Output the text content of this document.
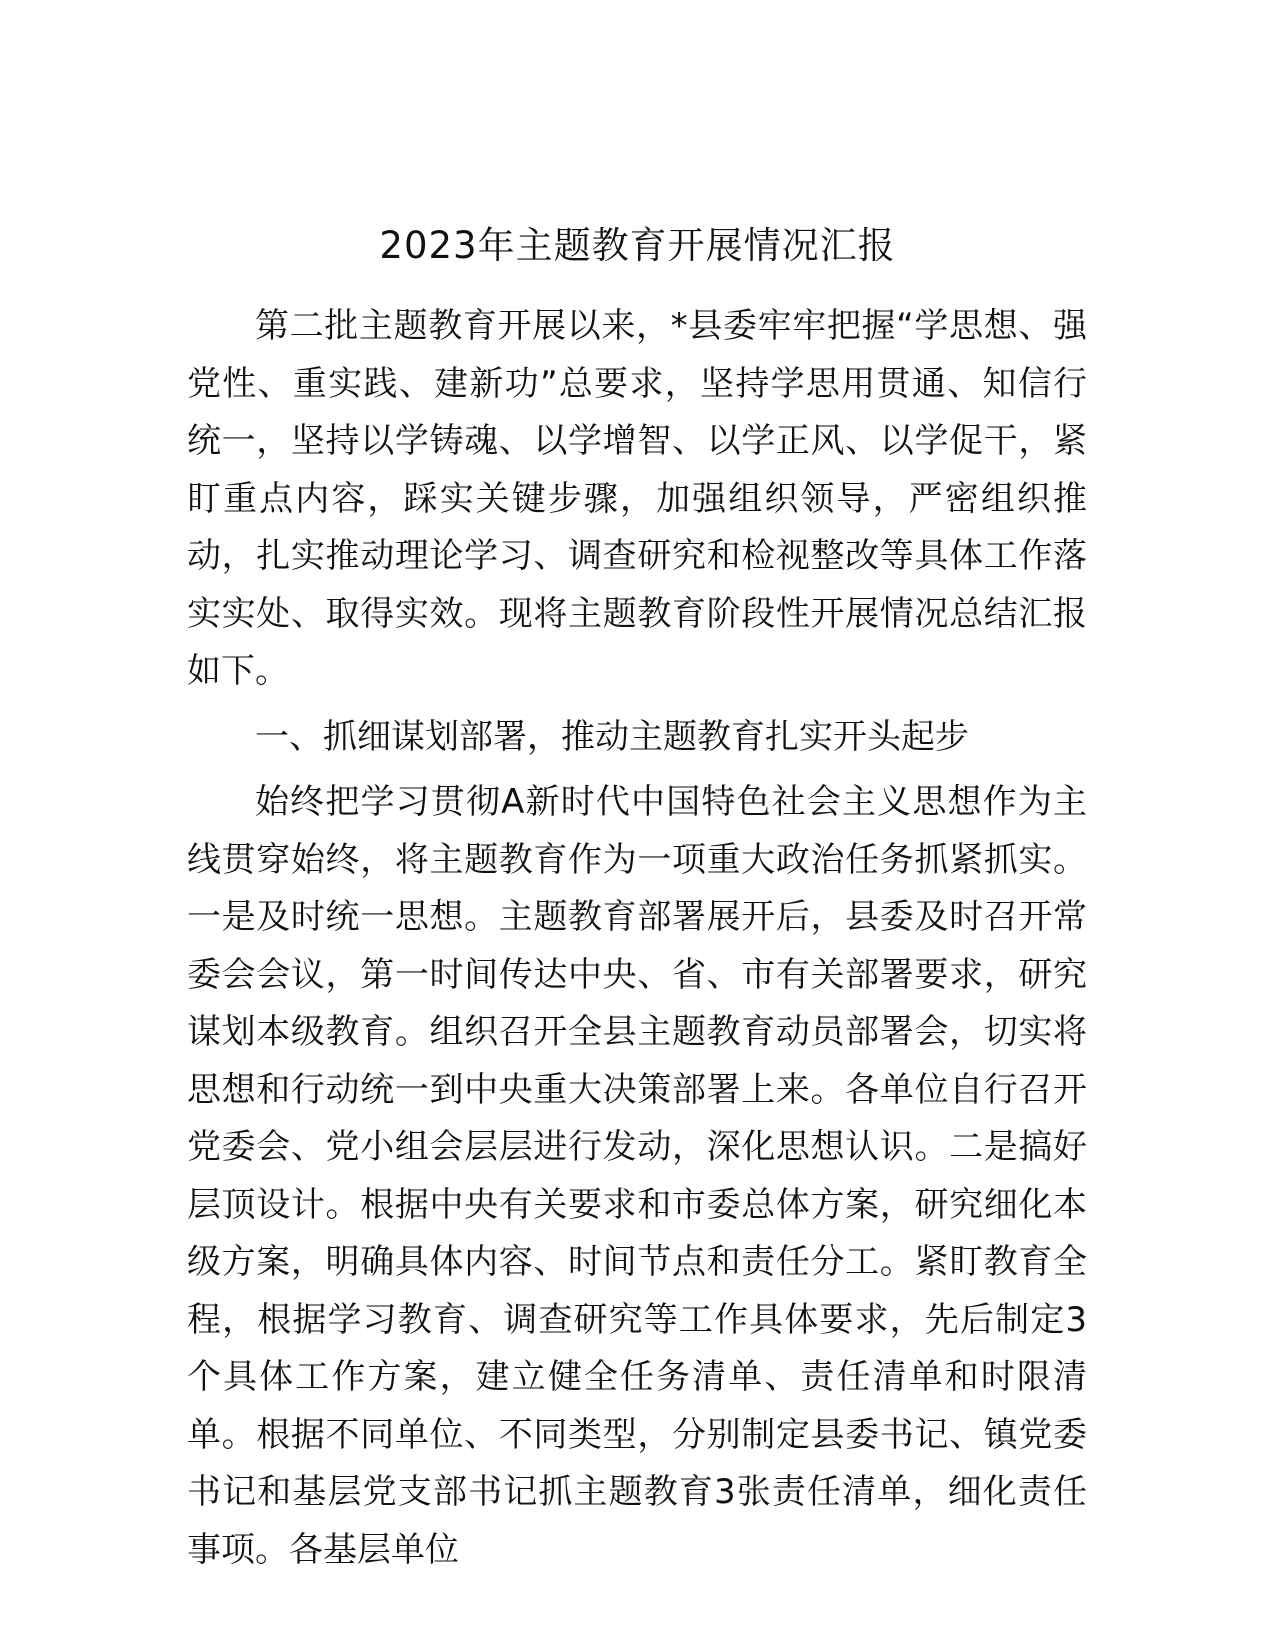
2023年主题教育开展情况汇报

第二批主题教育开展以来，*县委牢牢把握“学思想、强党性、重实践、建新功”总要求，坚持学思用贯通、知信行统一，坚持以学铸魂、以学增智、以学正风、以学促干，紧盯重点内容，踩实关键步骤，加强组织领导，严密组织推动，扎实推动理论学习、调查研究和检视整改等具体工作落实实处、取得实效。现将主题教育阶段性开展情况总结汇报如下。

一、抓细谋划部署，推动主题教育扎实开头起步

始终把学习贯彻A新时代中国特色社会主义思想作为主线贯穿始终，将主题教育作为一项重大政治任务抓紧抓实。一是及时统一思想。主题教育部署展开后，县委及时召开常委会会议，第一时间传达中央、省、市有关部署要求，研究谋划本级教育。组织召开全县主题教育动员部署会，切实将思想和行动统一到中央重大决策部署上来。各单位自行召开党委会、党小组会层层进行发动，深化思想认识。二是搞好层顶设计。根据中央有关要求和市委总体方案，研究细化本级方案，明确具体内容、时间节点和责任分工。紧盯教育全程，根据学习教育、调查研究等工作具体要求，先后制定3个具体工作方案，建立健全任务清单、责任清单和时限清单。根据不同单位、不同类型，分别制定县委书记、镇党委书记和基层党支部书记抓主题教育3张责任清单，细化责任事项。各基层单位
